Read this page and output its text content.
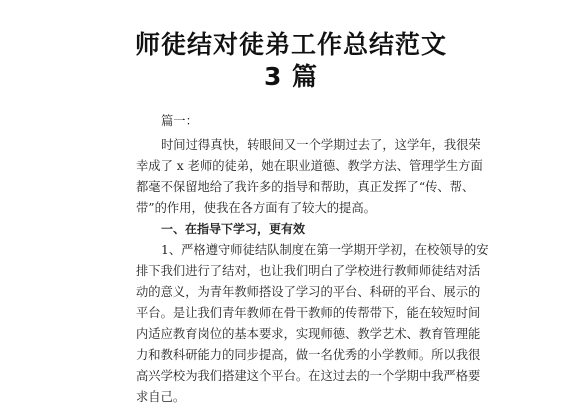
师徒结对徒弟工作总结范文
3 篇
篇一：
时间过得真快，转眼间又一个学期过去了，这学年，我很荣
幸成了 x 老师的徒弟，她在职业道德、教学方法、管理学生方面
都毫不保留地给了我许多的指导和帮助，真正发挥了“传、帮、
带”的作用，使我在各方面有了较大的提高。
一、在指导下学习，更有效
1、严格遵守师徒结队制度在第一学期开学初，在校领导的安
排下我们进行了结对，也让我们明白了学校进行教师师徒结对活
动的意义，为青年教师搭设了学习的平台、科研的平台、展示的
平台。是让我们青年教师在骨干教师的传帮带下，能在较短时间
内适应教育岗位的基本要求，实现师德、教学艺术、教育管理能
力和教科研能力的同步提高，做一名优秀的小学教师。所以我很
高兴学校为我们搭建这个平台。在这过去的一个学期中我严格要
求自己。
